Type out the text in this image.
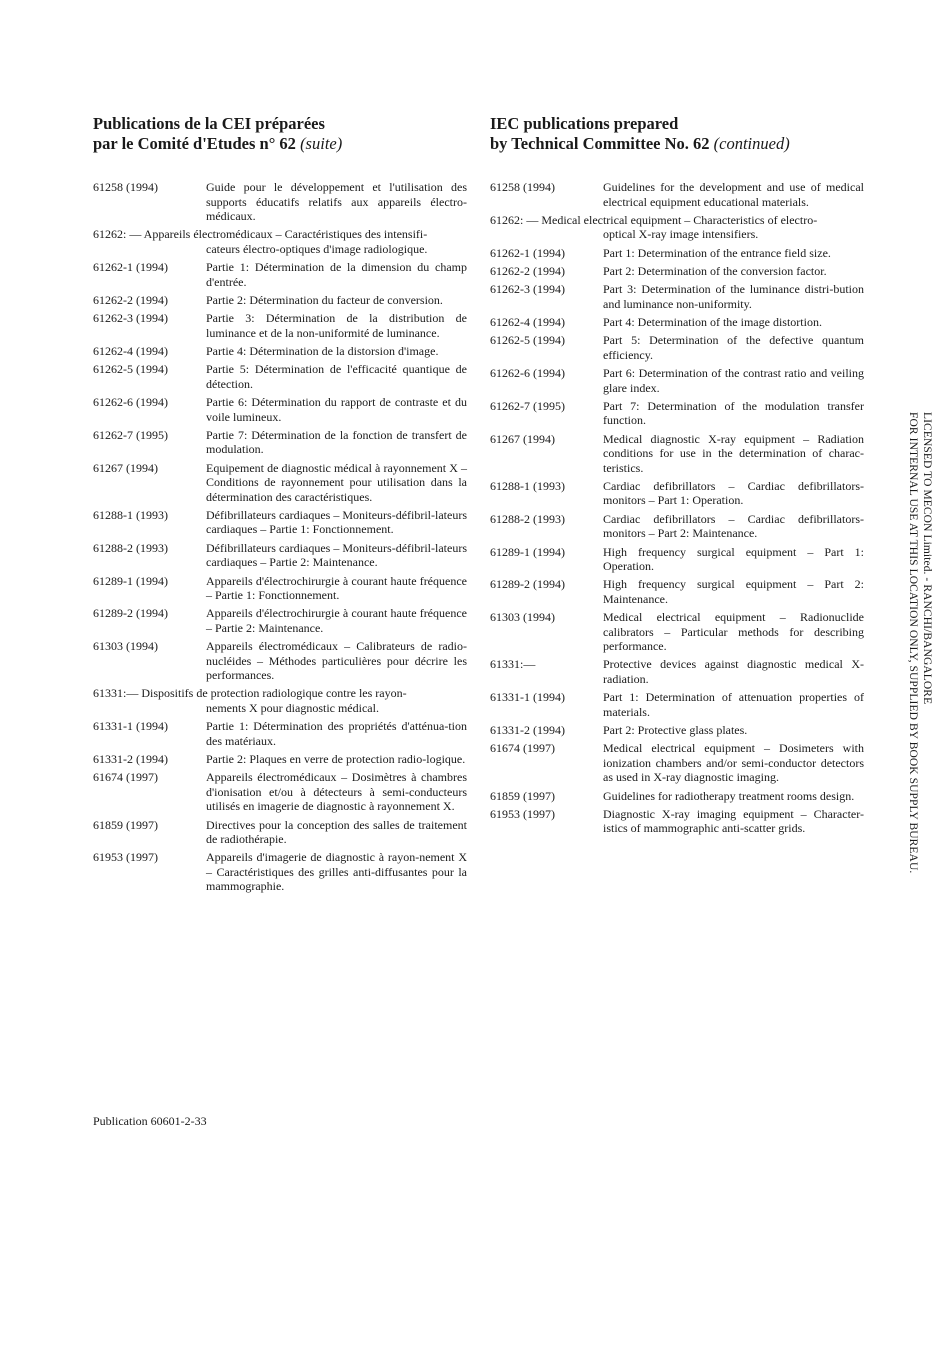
Publications de la CEI préparées
par le Comité d'Etudes n° 62 (suite)
61258 (1994)	Guide pour le développement et l'utilisation des supports éducatifs relatifs aux appareils électro-médicaux.
61262: — Appareils électromédicaux – Caractéristiques des intensifi-
cateurs électro-optiques d'image radiologique.
61262-1 (1994)	Partie 1: Détermination de la dimension du champ d'entrée.
61262-2 (1994)	Partie 2: Détermination du facteur de conversion.
61262-3 (1994)	Partie 3: Détermination de la distribution de luminance et de la non-uniformité de luminance.
61262-4 (1994)	Partie 4: Détermination de la distorsion d'image.
61262-5 (1994)	Partie 5: Détermination de l'efficacité quantique de détection.
61262-6 (1994)	Partie 6: Détermination du rapport de contraste et du voile lumineux.
61262-7 (1995)	Partie 7: Détermination de la fonction de transfert de modulation.
61267 (1994)	Equipement de diagnostic médical à rayonnement X – Conditions de rayonnement pour utilisation dans la détermination des caractéristiques.
61288-1 (1993)	Défibrillateurs cardiaques – Moniteurs-défibril-lateurs cardiaques – Partie 1: Fonctionnement.
61288-2 (1993)	Défibrillateurs cardiaques – Moniteurs-défibril-lateurs cardiaques – Partie 2: Maintenance.
61289-1 (1994)	Appareils d'électrochirurgie à courant haute fréquence – Partie 1: Fonctionnement.
61289-2 (1994)	Appareils d'électrochirurgie à courant haute fréquence – Partie 2: Maintenance.
61303 (1994)	Appareils électromédicaux – Calibrateurs de radio-nucléides – Méthodes particulières pour décrire les performances.
61331:— Dispositifs de protection radiologique contre les rayon-
nements X pour diagnostic médical.
61331-1 (1994)	Partie 1: Détermination des propriétés d'atténua-tion des matériaux.
61331-2 (1994)	Partie 2: Plaques en verre de protection radio-logique.
61674 (1997)	Appareils électromédicaux – Dosimètres à chambres d'ionisation et/ou à détecteurs à semi-conducteurs utilisés en imagerie de diagnostic à rayonnement X.
61859 (1997)	Directives pour la conception des salles de traitement de radiothérapie.
61953 (1997)	Appareils d'imagerie de diagnostic à rayon-nement X – Caractéristiques des grilles anti-diffusantes pour la mammographie.
IEC publications prepared
by Technical Committee No. 62 (continued)
61258 (1994)	Guidelines for the development and use of medical electrical equipment educational materials.
61262: — Medical electrical equipment – Characteristics of electro-
optical X-ray image intensifiers.
61262-1 (1994)	Part 1: Determination of the entrance field size.
61262-2 (1994)	Part 2: Determination of the conversion factor.
61262-3 (1994)	Part 3: Determination of the luminance distri-bution and luminance non-uniformity.
61262-4 (1994)	Part 4: Determination of the image distortion.
61262-5 (1994)	Part 5: Determination of the defective quantum efficiency.
61262-6 (1994)	Part 6: Determination of the contrast ratio and veiling glare index.
61262-7 (1995)	Part 7: Determination of the modulation transfer function.
61267 (1994)	Medical diagnostic X-ray equipment – Radiation conditions for use in the determination of charac-teristics.
61288-1 (1993)	Cardiac defibrillators – Cardiac defibrillators-monitors – Part 1: Operation.
61288-2 (1993)	Cardiac defibrillators – Cardiac defibrillators-monitors – Part 2: Maintenance.
61289-1 (1994)	High frequency surgical equipment – Part 1: Operation.
61289-2 (1994)	High frequency surgical equipment – Part 2: Maintenance.
61303 (1994)	Medical electrical equipment – Radionuclide calibrators – Particular methods for describing performance.
61331:—	Protective devices against diagnostic medical X-radiation.
61331-1 (1994)	Part 1: Determination of attenuation properties of materials.
61331-2 (1994)	Part 2: Protective glass plates.
61674 (1997)	Medical electrical equipment – Dosimeters with ionization chambers and/or semi-conductor detectors as used in X-ray diagnostic imaging.
61859 (1997)	Guidelines for radiotherapy treatment rooms design.
61953 (1997)	Diagnostic X-ray imaging equipment – Character-istics of mammographic anti-scatter grids.
Publication 60601-2-33
LICENSED TO MECON Limited. - RANCHI/BANGALORE
FOR INTERNAL USE AT THIS LOCATION ONLY, SUPPLIED BY BOOK SUPPLY BUREAU.
